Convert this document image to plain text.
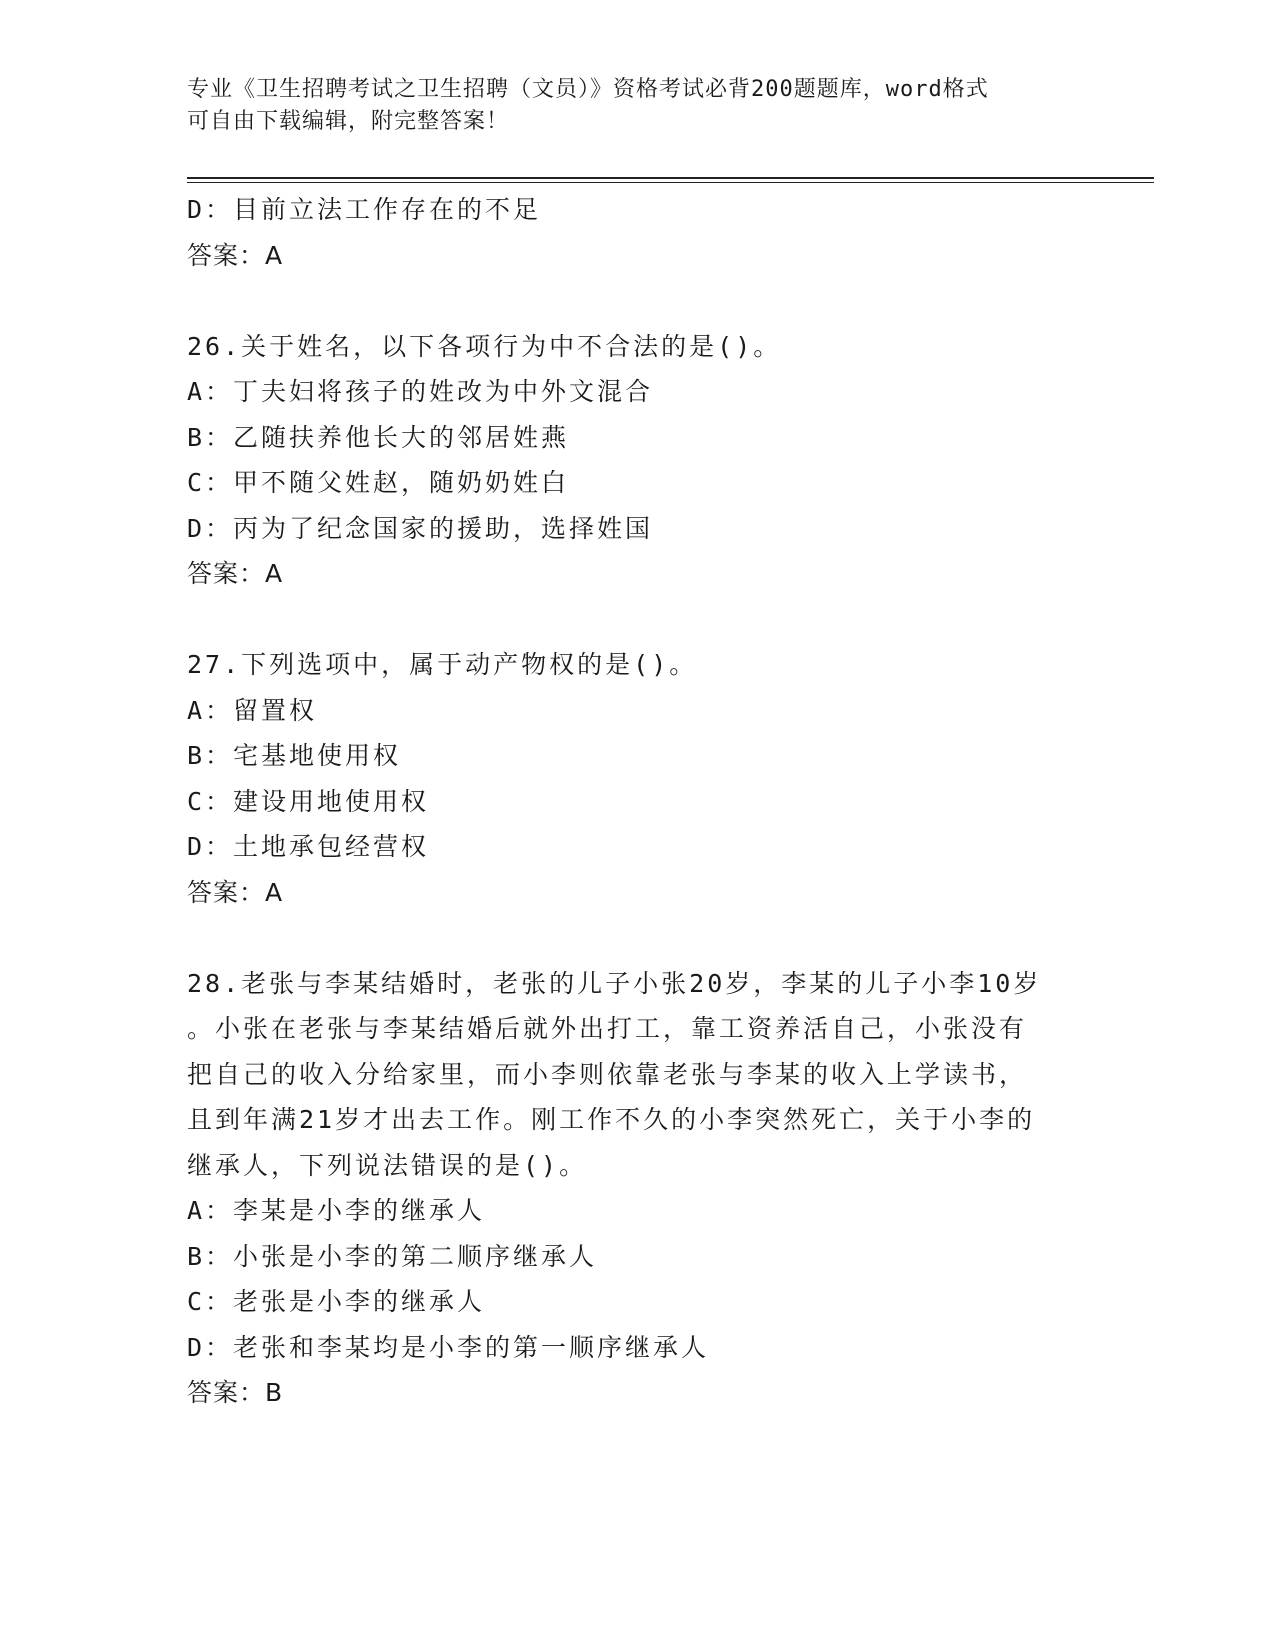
专业《卫生招聘考试之卫生招聘（文员）》资格考试必背200题题库，word格式
可自由下载编辑，附完整答案！
D：目前立法工作存在的不足
答案：A
26.关于姓名，以下各项行为中不合法的是()。
A：丁夫妇将孩子的姓改为中外文混合
B：乙随扶养他长大的邻居姓燕
C：甲不随父姓赵，随奶奶姓白
D：丙为了纪念国家的援助，选择姓国
答案：A
27.下列选项中，属于动产物权的是()。
A：留置权
B：宅基地使用权
C：建设用地使用权
D：土地承包经营权
答案：A
28.老张与李某结婚时，老张的儿子小张20岁，李某的儿子小李10岁
。小张在老张与李某结婚后就外出打工，靠工资养活自己，小张没有
把自己的收入分给家里，而小李则依靠老张与李某的收入上学读书，
且到年满21岁才出去工作。刚工作不久的小李突然死亡，关于小李的
继承人，下列说法错误的是()。
A：李某是小李的继承人
B：小张是小李的第二顺序继承人
C：老张是小李的继承人
D：老张和李某均是小李的第一顺序继承人
答案：B
